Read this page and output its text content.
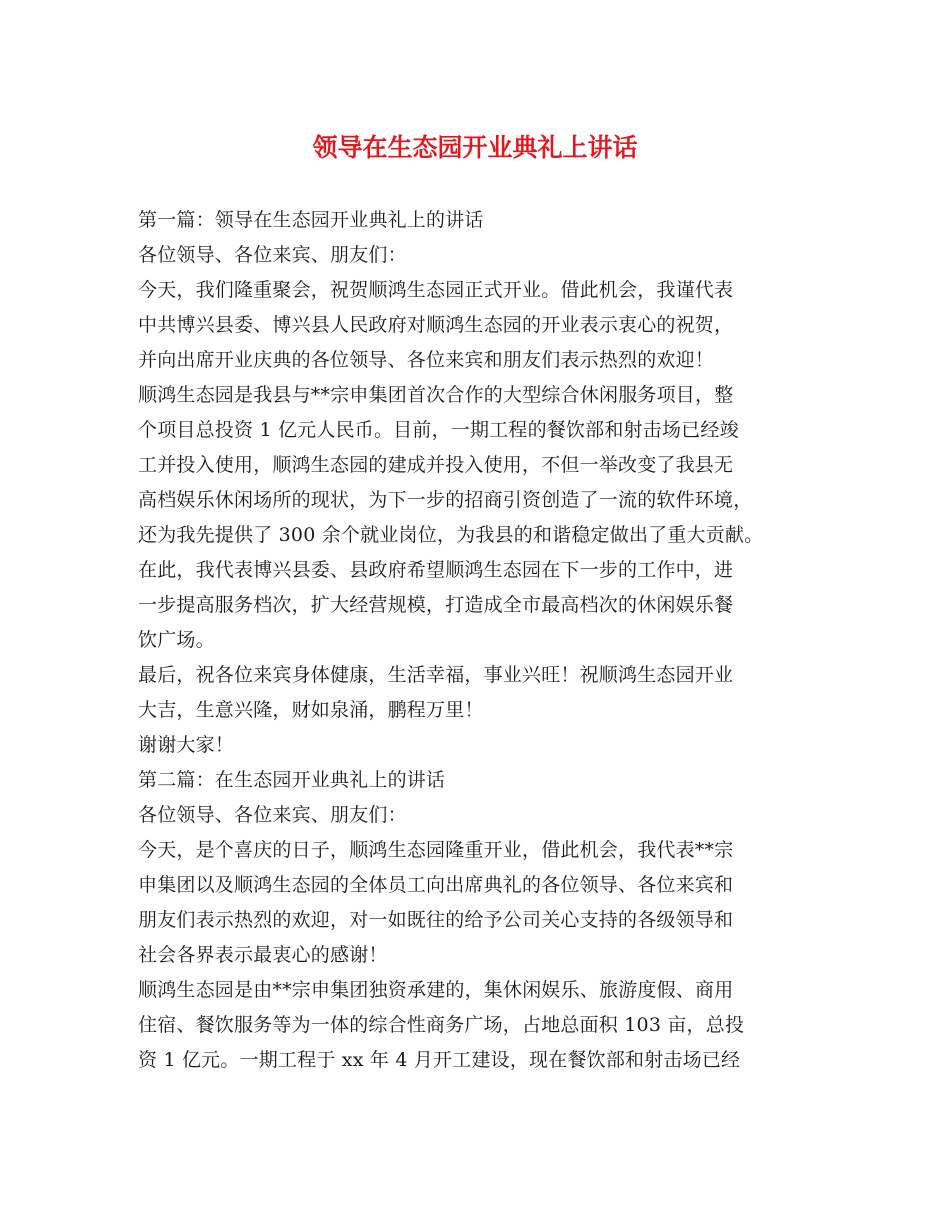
领导在生态园开业典礼上讲话
第一篇：领导在生态园开业典礼上的讲话
各位领导、各位来宾、朋友们：
今天，我们隆重聚会，祝贺顺鸿生态园正式开业。借此机会，我谨代表
中共博兴县委、博兴县人民政府对顺鸿生态园的开业表示衷心的祝贺，
并向出席开业庆典的各位领导、各位来宾和朋友们表示热烈的欢迎！
顺鸿生态园是我县与**宗申集团首次合作的大型综合休闲服务项目，整
个项目总投资 1 亿元人民币。目前，一期工程的餐饮部和射击场已经竣
工并投入使用，顺鸿生态园的建成并投入使用，不但一举改变了我县无
高档娱乐休闲场所的现状，为下一步的招商引资创造了一流的软件环境，
还为我先提供了 300 余个就业岗位，为我县的和谐稳定做出了重大贡献。
在此，我代表博兴县委、县政府希望顺鸿生态园在下一步的工作中，进
一步提高服务档次，扩大经营规模，打造成全市最高档次的休闲娱乐餐
饮广场。
最后，祝各位来宾身体健康，生活幸福，事业兴旺！祝顺鸿生态园开业
大吉，生意兴隆，财如泉涌，鹏程万里！
谢谢大家！
第二篇：在生态园开业典礼上的讲话
各位领导、各位来宾、朋友们：
今天，是个喜庆的日子，顺鸿生态园隆重开业，借此机会，我代表**宗
申集团以及顺鸿生态园的全体员工向出席典礼的各位领导、各位来宾和
朋友们表示热烈的欢迎，对一如既往的给予公司关心支持的各级领导和
社会各界表示最衷心的感谢！
顺鸿生态园是由**宗申集团独资承建的，集休闲娱乐、旅游度假、商用
住宿、餐饮服务等为一体的综合性商务广场，占地总面积 103 亩，总投
资 1 亿元。一期工程于 xx 年 4 月开工建设，现在餐饮部和射击场已经
